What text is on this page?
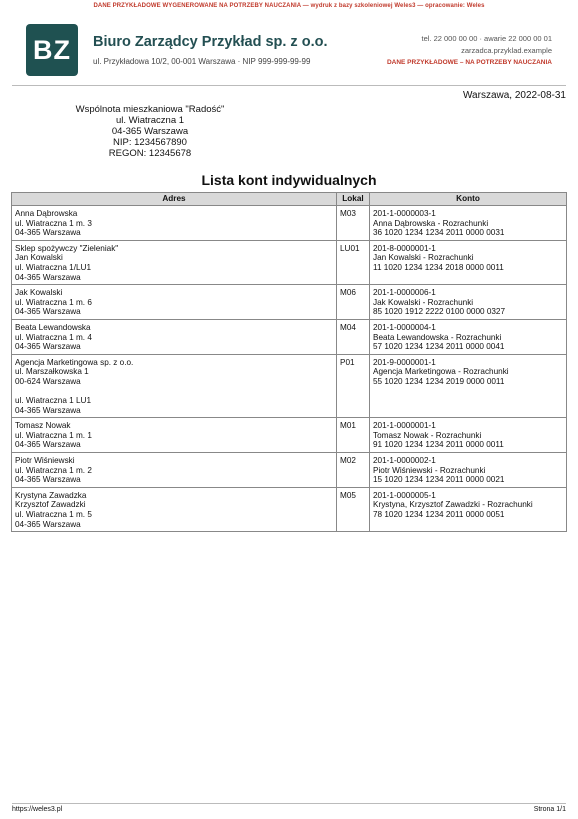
DANE PRZYKŁADOWE WYGENEROWANE NA POTRZEBY NAUCZANIA — wydruk z bazy szkoleniowej Weles3 — opracowanie: Weles
BZ	Biuro Zarządcy Przykład sp. z o.o.
ul. Przykładowa 10/2, 00-001 Warszawa · NIP 999-999-99-99
tel. 22 000 00 00 · awarie 22 000 00 01
zarzadca.przyklad.example
DANE PRZYKŁADOWE – NA POTRZEBY NAUCZANIA
Warszawa, 2022-08-31
Wspólnota mieszkaniowa "Radość"
ul. Wiatraczna 1
04-365 Warszawa
NIP: 1234567890
REGON: 12345678
Lista kont indywidualnych
Adres	Lokal	Konto

Anna Dąbrowska
ul. Wiatraczna 1 m. 3
04-365 Warszawa	M03	201-1-0000003-1
Anna Dąbrowska - Rozrachunki
36 1020 1234 1234 2011 0000 0031

Sklep spożywczy "Zieleniak"
Jan Kowalski
ul. Wiatraczna 1/LU1
04-365 Warszawa	LU01	201-8-0000001-1
Jan Kowalski - Rozrachunki
11 1020 1234 1234 2018 0000 0011

Jak Kowalski
ul. Wiatraczna 1 m. 6
04-365 Warszawa	M06	201-1-0000006-1
Jak Kowalski - Rozrachunki
85 1020 1912 2222 0100 0000 0327

Beata Lewandowska
ul. Wiatraczna 1 m. 4
04-365 Warszawa	M04	201-1-0000004-1
Beata Lewandowska - Rozrachunki
57 1020 1234 1234 2011 0000 0041

Agencja Marketingowa sp. z o.o.
ul. Marszałkowska 1
00-624 Warszawa
ul. Wiatraczna 1 LU1
04-365 Warszawa	P01	201-9-0000001-1
Agencja Marketingowa - Rozrachunki
55 1020 1234 1234 2019 0000 0011

Tomasz Nowak
ul. Wiatraczna 1 m. 1
04-365 Warszawa	M01	201-1-0000001-1
Tomasz Nowak - Rozrachunki
91 1020 1234 1234 2011 0000 0011

Piotr Wiśniewski
ul. Wiatraczna 1 m. 2
04-365 Warszawa	M02	201-1-0000002-1
Piotr Wiśniewski - Rozrachunki
15 1020 1234 1234 2011 0000 0021

Krystyna Zawadzka
Krzysztof Zawadzki
ul. Wiatraczna 1 m. 5
04-365 Warszawa	M05	201-1-0000005-1
Krystyna, Krzysztof Zawadzki - Rozrachunki
78 1020 1234 1234 2011 0000 0051
https://weles3.pl	Strona 1/1
